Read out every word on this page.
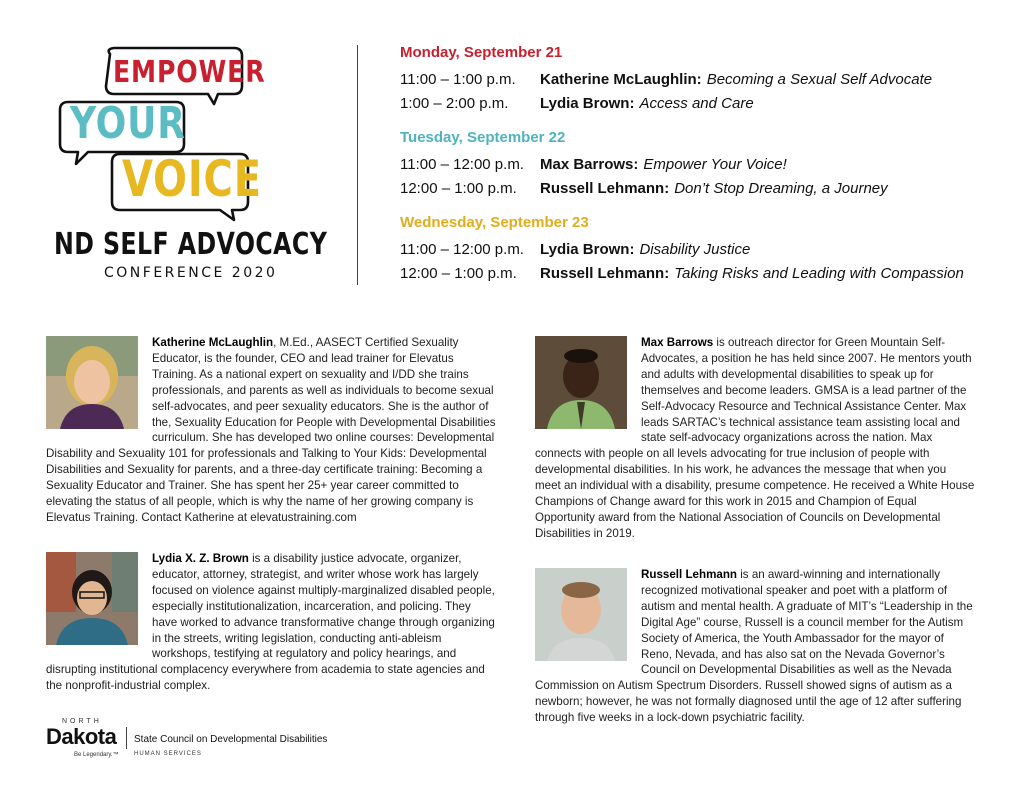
EMPOWER
YOUR
VOICE
ND SELF ADVOCACY
CONFERENCE 2020
Monday, September 21
11:00 – 1:00 p.m.	Katherine McLaughlin: Becoming a Sexual Self Advocate
1:00 – 2:00 p.m.	Lydia Brown: Access and Care
Tuesday, September 22
11:00 – 12:00 p.m.	Max Barrows: Empower Your Voice!
12:00 – 1:00 p.m.	Russell Lehmann: Don’t Stop Dreaming, a Journey
Wednesday, September 23
11:00 – 12:00 p.m.	Lydia Brown: Disability Justice
12:00 – 1:00 p.m.	Russell Lehmann: Taking Risks and Leading with Compassion
Katherine McLaughlin, M.Ed., AASECT Certified Sexuality Educator, is the founder, CEO and lead trainer for Elevatus Training. As a national expert on sexuality and I/DD she trains professionals, and parents as well as individuals to become sexual self-advocates, and peer sexuality educators. She is the author of the, Sexuality Education for People with Developmental Disabilities curriculum. She has developed two online courses: Developmental Disability and Sexuality 101 for professionals and Talking to Your Kids: Developmental Disabilities and Sexuality for parents, and a three-day certificate training: Becoming a Sexuality Educator and Trainer. She has spent her 25+ year career committed to elevating the status of all people, which is why the name of her growing company is Elevatus Training. Contact Katherine at elevatustraining.com
Lydia X. Z. Brown is a disability justice advocate, organizer, educator, attorney, strategist, and writer whose work has largely focused on violence against multiply-marginalized disabled people, especially institutionalization, incarceration, and policing. They have worked to advance transformative change through organizing in the streets, writing legislation, conducting anti-ableism workshops, testifying at regulatory and policy hearings, and disrupting institutional complacency everywhere from academia to state agencies and the nonprofit-industrial complex.
Max Barrows is outreach director for Green Mountain Self-Advocates, a position he has held since 2007. He mentors youth and adults with developmental disabilities to speak up for themselves and become leaders. GMSA is a lead partner of the Self-Advocacy Resource and Technical Assistance Center. Max leads SARTAC’s technical assistance team assisting local and state self-advocacy organizations across the nation. Max connects with people on all levels advocating for true inclusion of people with developmental disabilities. In his work, he advances the message that when you meet an individual with a disability, presume competence. He received a White House Champions of Change award for this work in 2015 and Champion of Equal Opportunity award from the National Association of Councils on Developmental Disabilities in 2019.
Russell Lehmann is an award-winning and internationally recognized motivational speaker and poet with a platform of autism and mental health. A graduate of MIT’s “Leadership in the Digital Age” course, Russell is a council member for the Autism Society of America, the Youth Ambassador for the mayor of Reno, Nevada, and has also sat on the Nevada Governor’s Council on Developmental Disabilities as well as the Nevada Commission on Autism Spectrum Disorders. Russell showed signs of autism as a newborn; however, he was not formally diagnosed until the age of 12 after suffering through five weeks in a lock-down psychiatric facility.
NORTH
Dakota
Be Legendary.™
State Council on Developmental Disabilities
HUMAN SERVICES
